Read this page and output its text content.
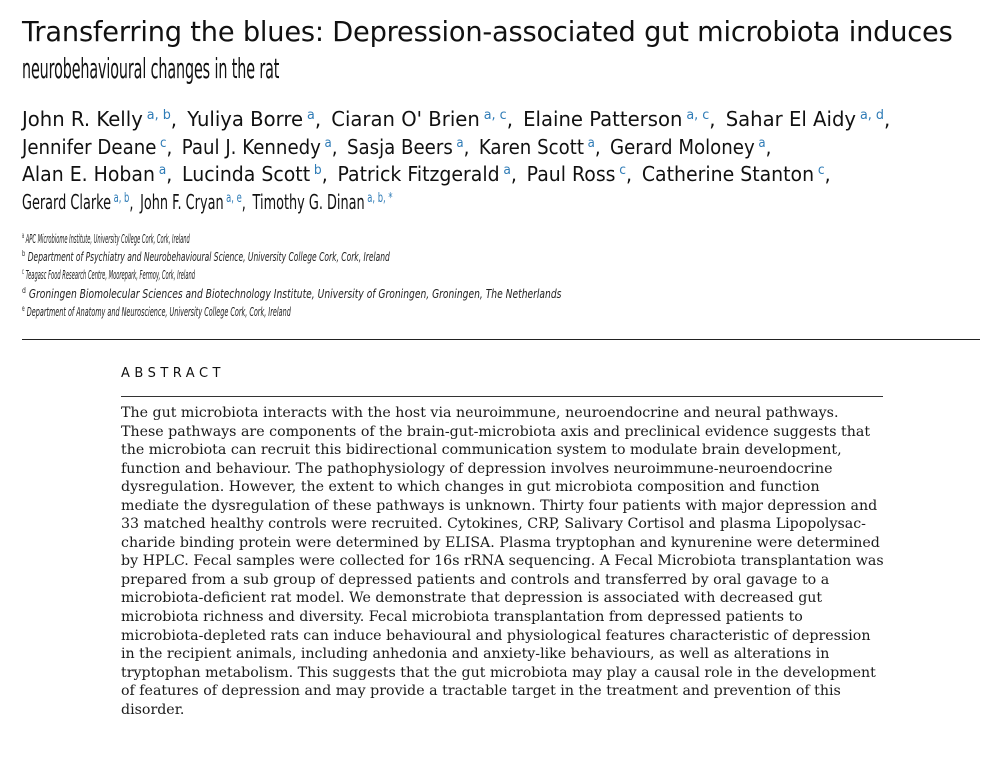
Transferring the blues: Depression-associated gut microbiota induces
neurobehavioural changes in the rat
John R. Kelly $^{a, b}$, Yuliya Borre $^a$, Ciaran O' Brien $^{a, c}$, Elaine Patterson $^{a, c}$, Sahar El Aidy $^{a, d}$,
Jennifer Deane $^c$, Paul J. Kennedy $^a$, Sasja Beers $^a$, Karen Scott $^a$, Gerard Moloney $^a$,
Alan E. Hoban $^a$, Lucinda Scott $^b$, Patrick Fitzgerald $^a$, Paul Ross $^c$, Catherine Stanton $^c$,
Gerard Clarke $^{a, b}$, John F. Cryan $^{a, e}$, Timothy G. Dinan $^{a, b, *}$
$^a$ APC Microbiome Institute, University College Cork, Cork, Ireland
$^b$ Department of Psychiatry and Neurobehavioural Science, University College Cork, Cork, Ireland
$^c$ Teagasc Food Research Centre, Moorepark, Fermoy, Cork, Ireland
$^d$ Groningen Biomolecular Sciences and Biotechnology Institute, University of Groningen, Groningen, The Netherlands
$^e$ Department of Anatomy and Neuroscience, University College Cork, Cork, Ireland
ABSTRACT
The gut microbiota interacts with the host via neuroimmune, neuroendocrine and neural pathways.
These pathways are components of the brain-gut-microbiota axis and preclinical evidence suggests that
the microbiota can recruit this bidirectional communication system to modulate brain development,
function and behaviour. The pathophysiology of depression involves neuroimmune-neuroendocrine
dysregulation. However, the extent to which changes in gut microbiota composition and function
mediate the dysregulation of these pathways is unknown. Thirty four patients with major depression and
33 matched healthy controls were recruited. Cytokines, CRP, Salivary Cortisol and plasma Lipopolysac-
charide binding protein were determined by ELISA. Plasma tryptophan and kynurenine were determined
by HPLC. Fecal samples were collected for 16s rRNA sequencing. A Fecal Microbiota transplantation was
prepared from a sub group of depressed patients and controls and transferred by oral gavage to a
microbiota-deficient rat model. We demonstrate that depression is associated with decreased gut
microbiota richness and diversity. Fecal microbiota transplantation from depressed patients to
microbiota-depleted rats can induce behavioural and physiological features characteristic of depression
in the recipient animals, including anhedonia and anxiety-like behaviours, as well as alterations in
tryptophan metabolism. This suggests that the gut microbiota may play a causal role in the development
of features of depression and may provide a tractable target in the treatment and prevention of this
disorder.
